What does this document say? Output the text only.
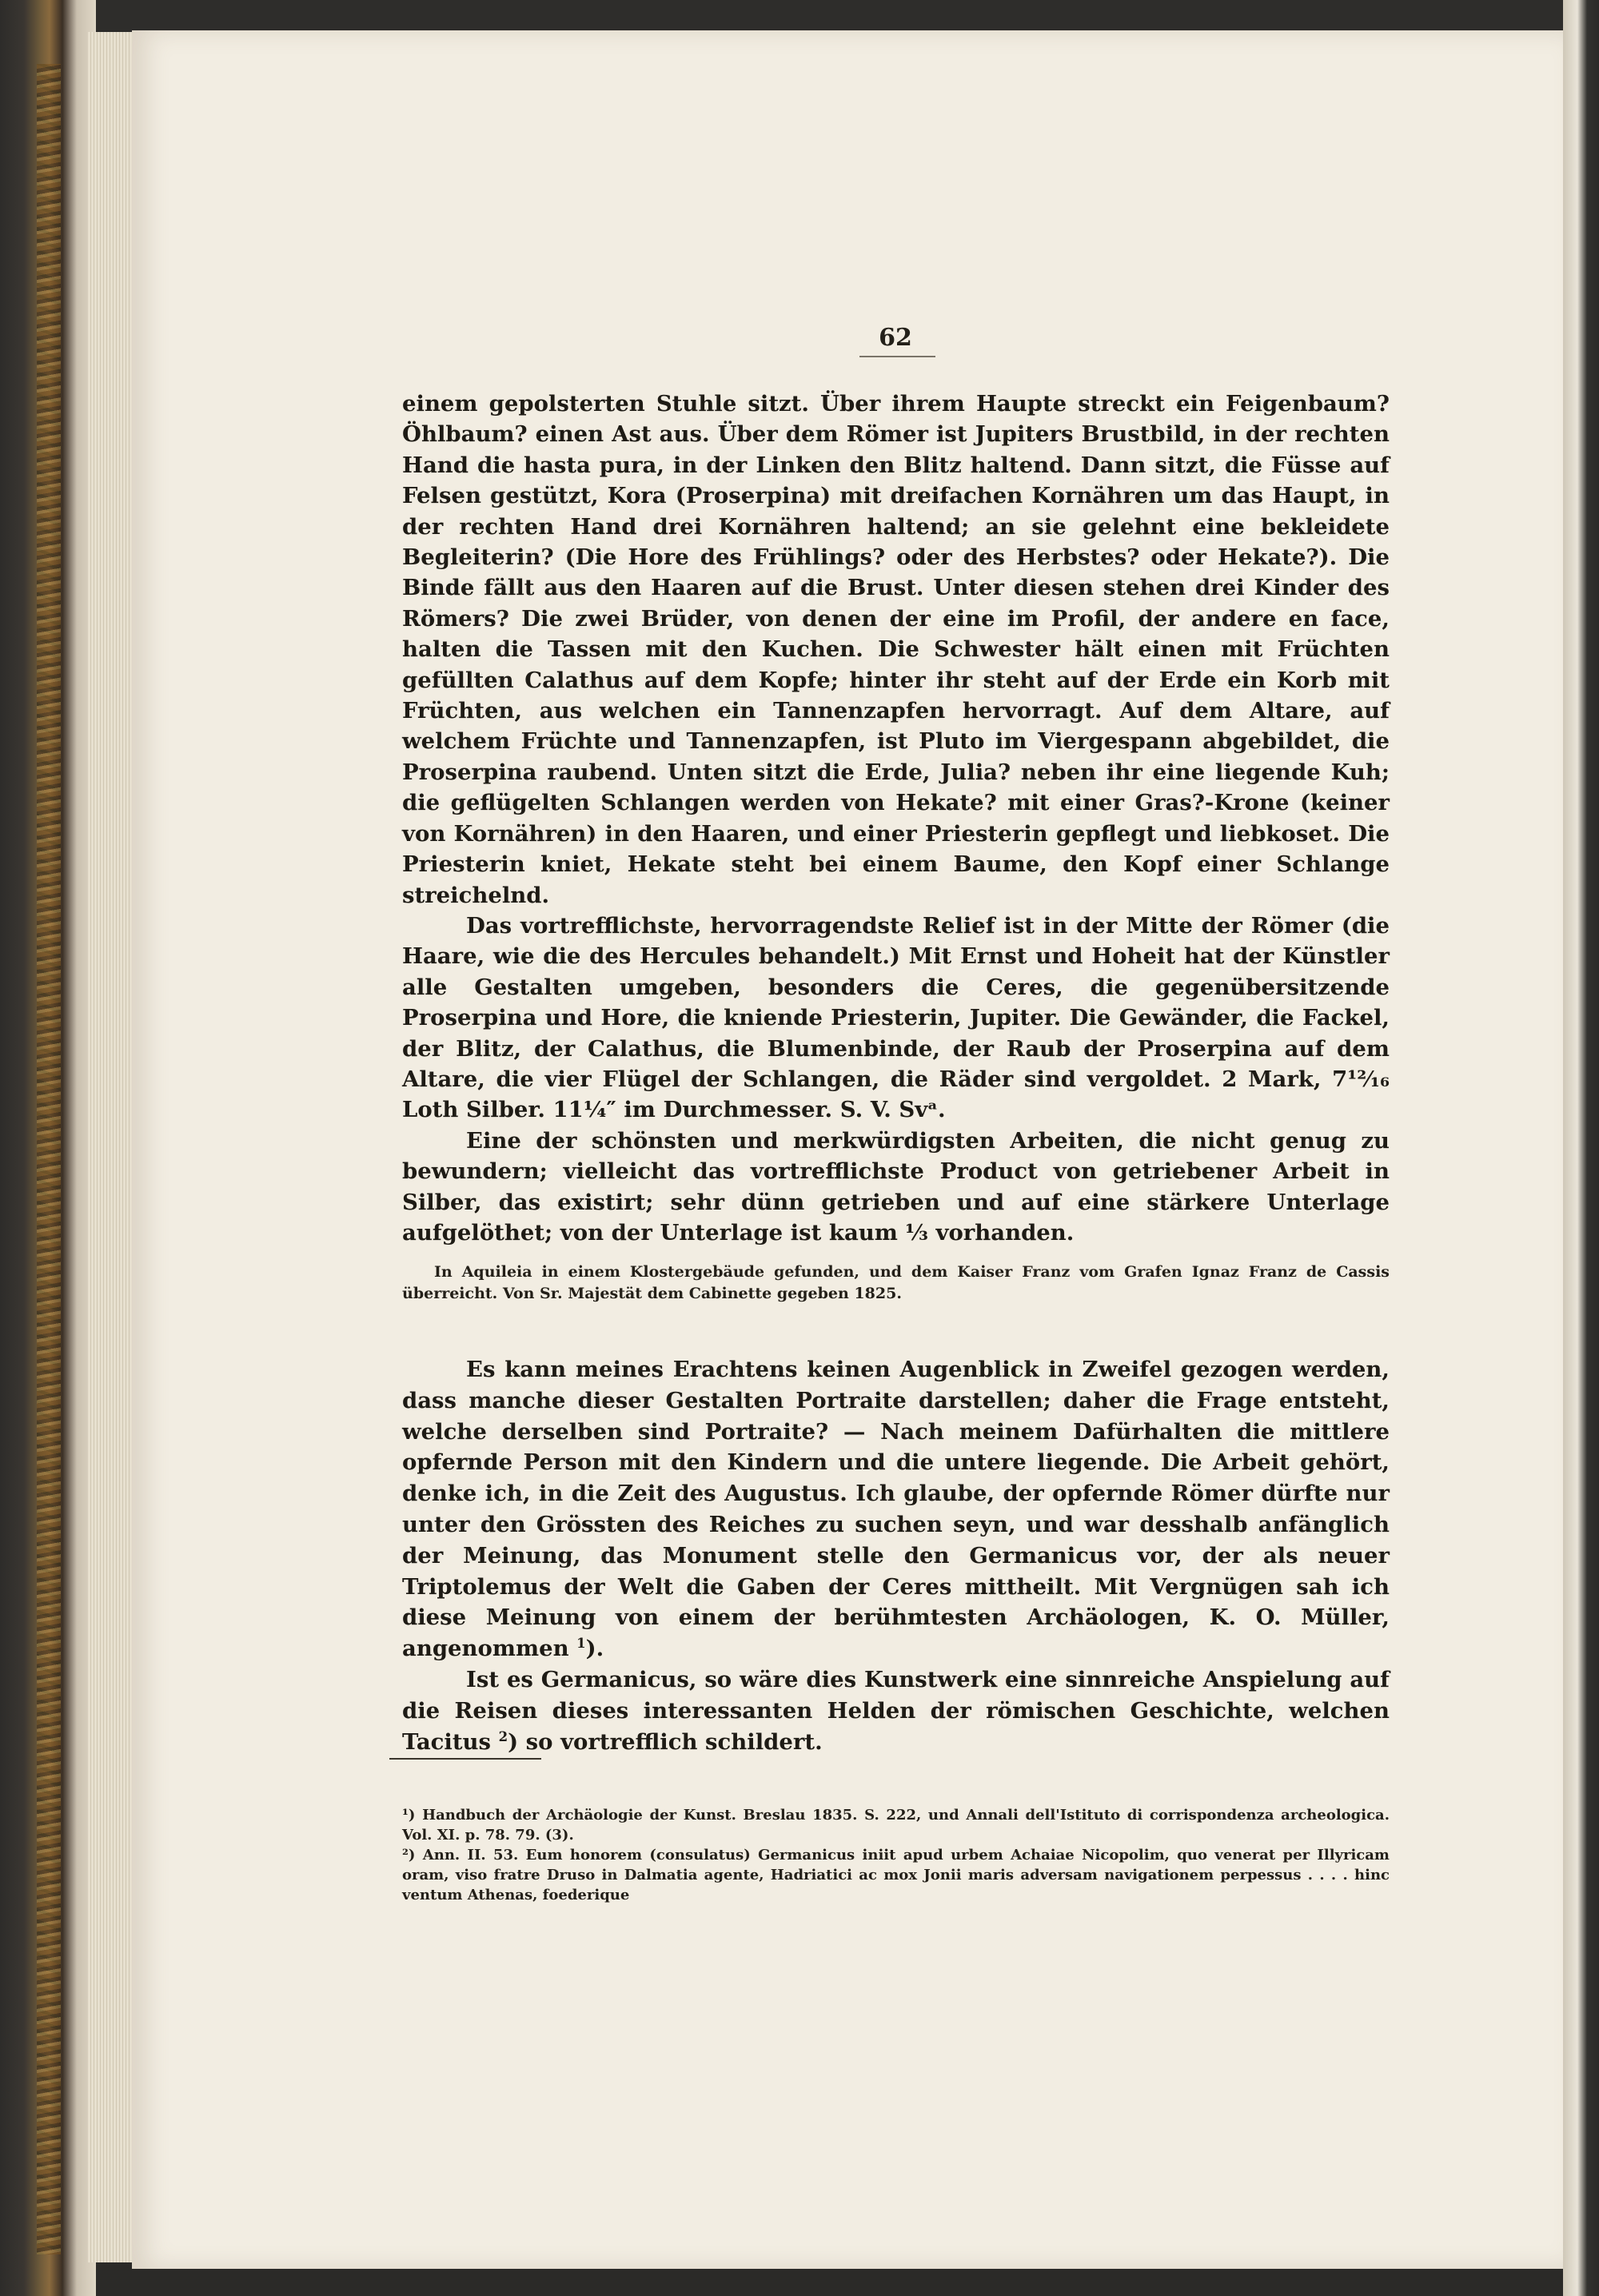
62

einem gepolsterten Stuhle sitzt. Über ihrem Haupte streckt ein Feigenbaum? Öhlbaum? einen Ast aus. Über dem Römer ist Jupiters Brustbild, in der rechten Hand die hasta pura, in der Linken den Blitz haltend. Dann sitzt, die Füsse auf Felsen gestützt, Kora (Proserpina) mit dreifachen Kornähren um das Haupt, in der rechten Hand drei Kornähren haltend; an sie gelehnt eine bekleidete Begleiterin? (Die Hore des Frühlings? oder des Herbstes? oder Hekate?). Die Binde fällt aus den Haaren auf die Brust. Unter diesen stehen drei Kinder des Römers? Die zwei Brüder, von denen der eine im Profil, der andere en face, halten die Tassen mit den Kuchen. Die Schwester hält einen mit Früchten gefüllten Calathus auf dem Kopfe; hinter ihr steht auf der Erde ein Korb mit Früchten, aus welchen ein Tannenzapfen hervorragt. Auf dem Altare, auf welchem Früchte und Tannenzapfen, ist Pluto im Viergespann abgebildet, die Proserpina raubend. Unten sitzt die Erde, Julia? neben ihr eine liegende Kuh; die geflügelten Schlangen werden von Hekate? mit einer Gras?-Krone (keiner von Kornähren) in den Haaren, und einer Priesterin gepflegt und liebkoset. Die Priesterin kniet, Hekate steht bei einem Baume, den Kopf einer Schlange streichelnd.

Das vortrefflichste, hervorragendste Relief ist in der Mitte der Römer (die Haare, wie die des Hercules behandelt.) Mit Ernst und Hoheit hat der Künstler alle Gestalten umgeben, besonders die Ceres, die gegenübersitzende Proserpina und Hore, die kniende Priesterin, Jupiter. Die Gewänder, die Fackel, der Blitz, der Calathus, die Blumenbinde, der Raub der Proserpina auf dem Altare, die vier Flügel der Schlangen, die Räder sind vergoldet. 2 Mark, 7¹²⁄₁₆ Loth Silber. 11¼″ im Durchmesser. S. V. Svᵃ.

Eine der schönsten und merkwürdigsten Arbeiten, die nicht genug zu bewundern; vielleicht das vortrefflichste Product von getriebener Arbeit in Silber, das existirt; sehr dünn getrieben und auf eine stärkere Unterlage aufgelöthet; von der Unterlage ist kaum ⅓ vorhanden.

In Aquileia in einem Klostergebäude gefunden, und dem Kaiser Franz vom Grafen Ignaz Franz de Cassis überreicht. Von Sr. Majestät dem Cabinette gegeben 1825.

Es kann meines Erachtens keinen Augenblick in Zweifel gezogen werden, dass manche dieser Gestalten Portraite darstellen; daher die Frage entsteht, welche derselben sind Portraite? — Nach meinem Dafürhalten die mittlere opfernde Person mit den Kindern und die untere liegende. Die Arbeit gehört, denke ich, in die Zeit des Augustus. Ich glaube, der opfernde Römer dürfte nur unter den Grössten des Reiches zu suchen seyn, und war desshalb anfänglich der Meinung, das Monument stelle den Germanicus vor, der als neuer Triptolemus der Welt die Gaben der Ceres mittheilt. Mit Vergnügen sah ich diese Meinung von einem der berühmtesten Archäologen, K. O. Müller, angenommen $^1$).

Ist es Germanicus, so wäre dies Kunstwerk eine sinnreiche Anspielung auf die Reisen dieses interessanten Helden der römischen Geschichte, welchen Tacitus $^2$) so vortrefflich schildert.

¹) Handbuch der Archäologie der Kunst. Breslau 1835. S. 222, und Annali dell'Istituto di corrispondenza archeologica. Vol. XI. p. 78. 79. (3).

²) Ann. II. 53. Eum honorem (consulatus) Germanicus iniit apud urbem Achaiae Nicopolim, quo venerat per Illyricam oram, viso fratre Druso in Dalmatia agente, Hadriatici ac mox Jonii maris adversam navigationem perpessus . . . . hinc ventum Athenas, foederique
